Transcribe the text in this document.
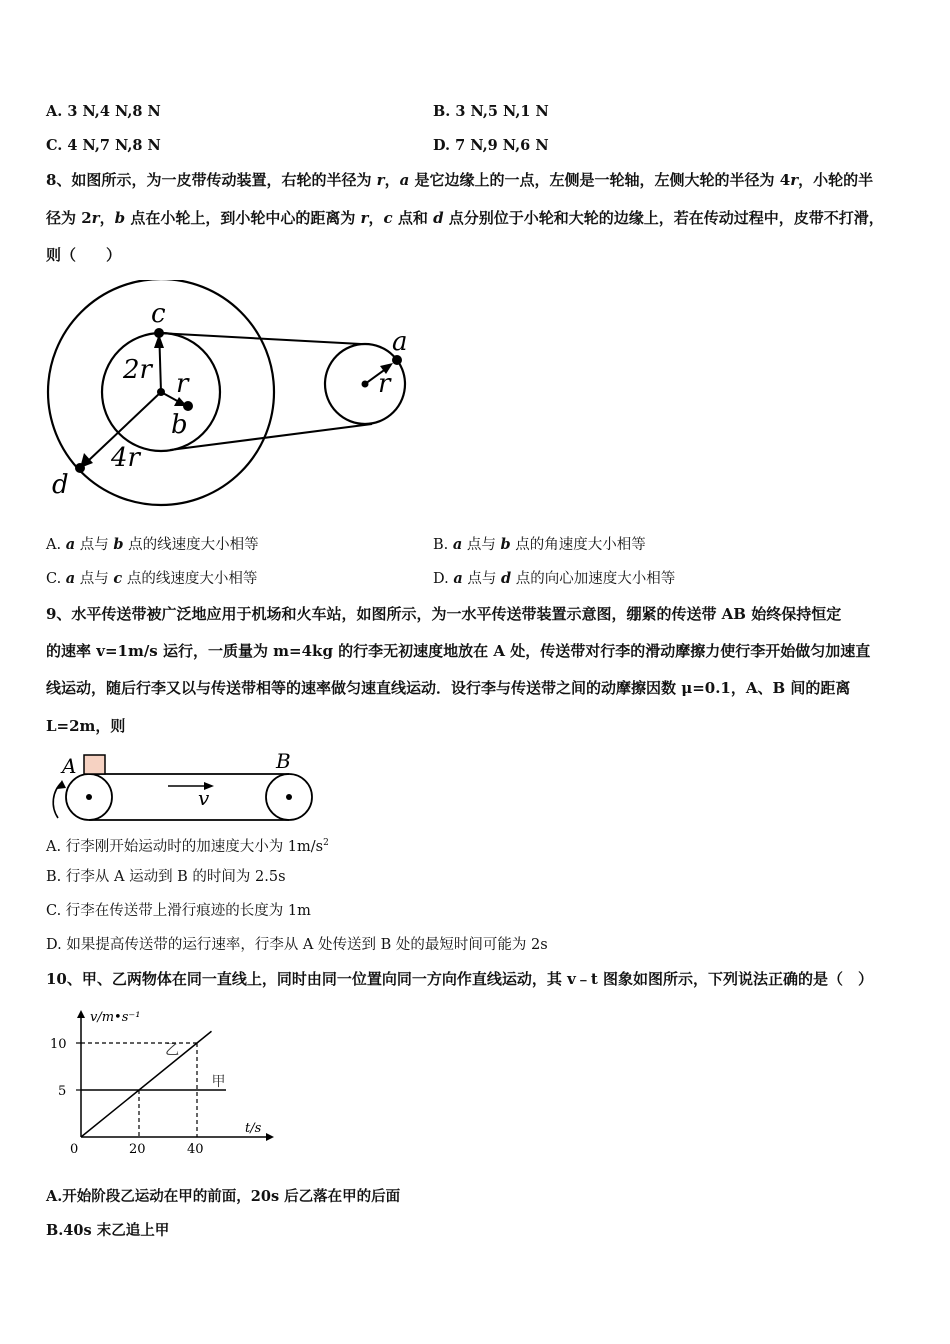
A. 3 N,4 N,8 N	B. 3 N,5 N,1 N
C. 4 N,7 N,8 N	D. 7 N,9 N,6 N
8、如图所示，为一皮带传动装置，右轮的半径为 r，a 是它边缘上的一点，左侧是一轮轴，左侧大轮的半径为 4r，小轮的半
径为 2r，b 点在小轮上，到小轮中心的距离为 r，c 点和 d 点分别位于小轮和大轮的边缘上，若在传动过程中，皮带不打滑，
则（　　）
c
a
r
2r r
b
4r
d
A. a 点与 b 点的线速度大小相等	B. a 点与 b 点的角速度大小相等
C. a 点与 c 点的线速度大小相等	D. a 点与 d 点的向心加速度大小相等
9、水平传送带被广泛地应用于机场和火车站，如图所示，为一水平传送带装置示意图，绷紧的传送带 AB 始终保持恒定
的速率 v=1m/s 运行，一质量为 m=4kg 的行李无初速度地放在 A 处，传送带对行李的滑动摩擦力使行李开始做匀加速直
线运动，随后行李又以与传送带相等的速率做匀速直线运动．设行李与传送带之间的动摩擦因数 μ=0.1，A、B 间的距离
L=2m，则
A	B
v
A. 行李刚开始运动时的加速度大小为 $1m/s^2$
B. 行李从 A 运动到 B 的时间为 2.5s
C. 行李在传送带上滑行痕迹的长度为 1m
D. 如果提高传送带的运行速率，行李从 A 处传送到 B 处的最短时间可能为 2s
10、甲、乙两物体在同一直线上，同时由同一位置向同一方向作直线运动，其 v﹣t 图象如图所示，下列说法正确的是（　）
v/m•s⁻¹
t/s
0
10
5
20	40
甲
乙
A.开始阶段乙运动在甲的前面，20s 后乙落在甲的后面
B.40s 末乙追上甲
